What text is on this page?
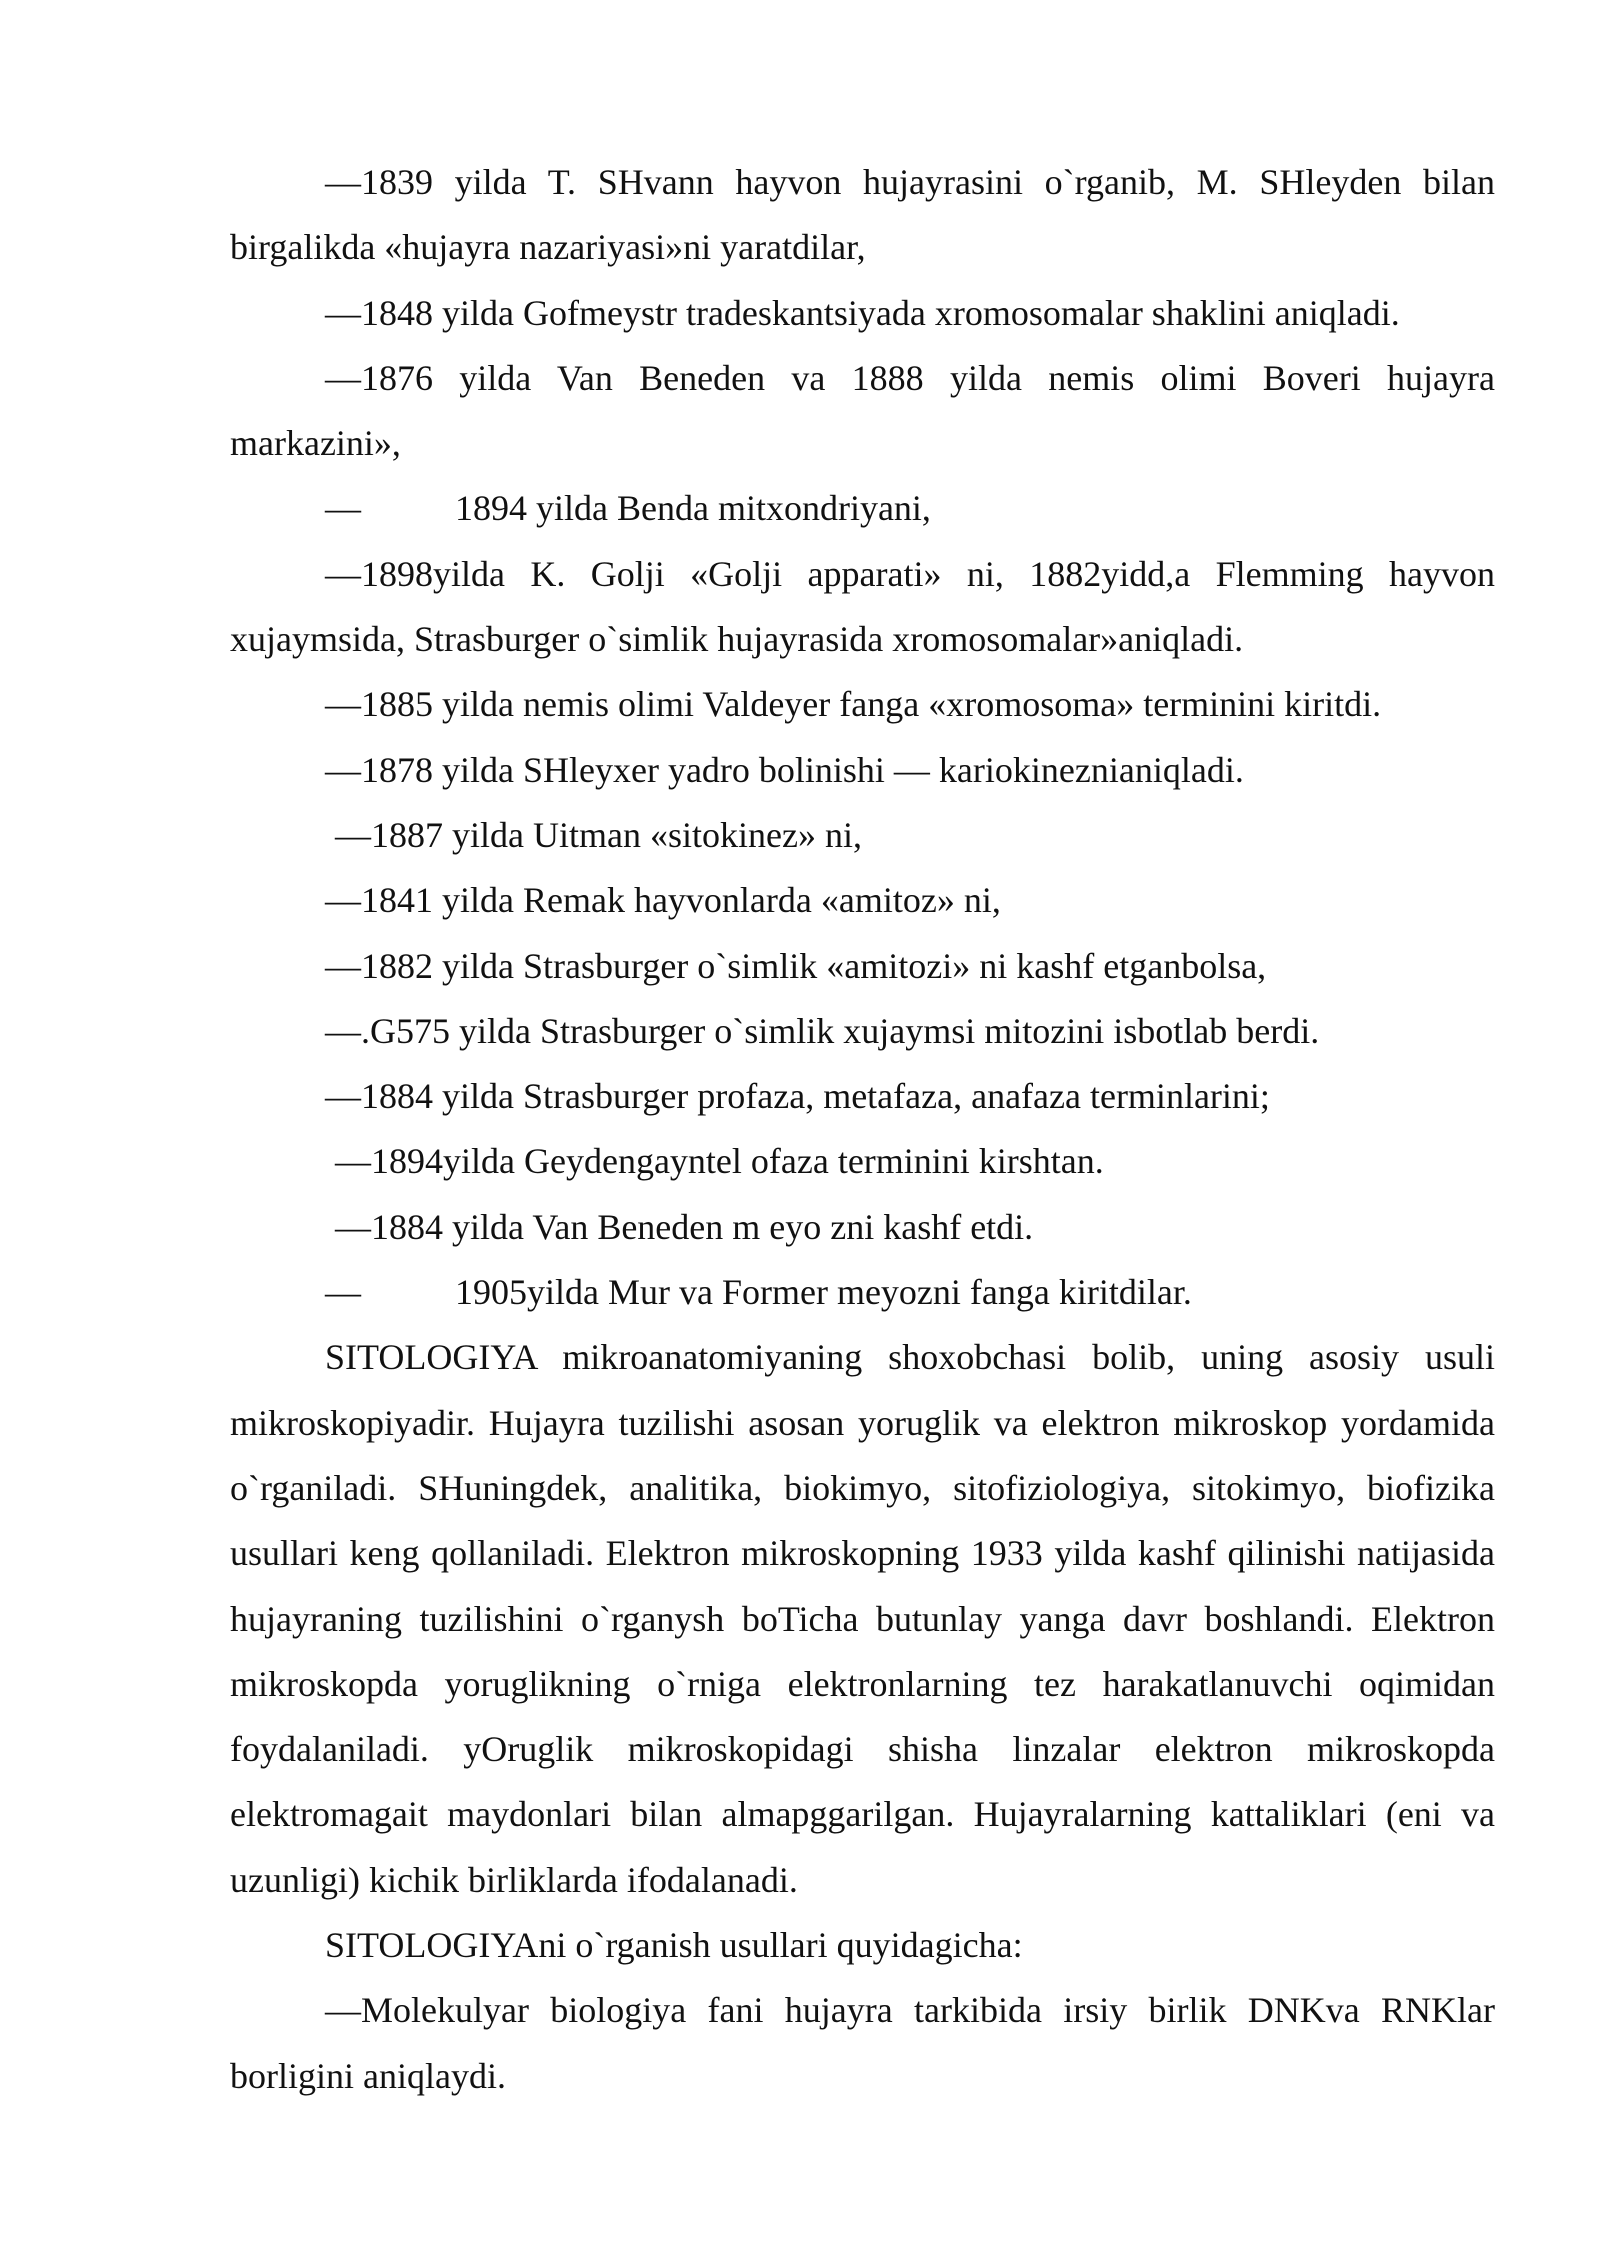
—1839 yilda T. SHvann hayvon hujayrasini o`rganib, M. SHleyden bilan birgalikda «hujayra nazariyasi»ni yaratdilar,

—1848 yilda Gofmeystr tradeskantsiyada xromosomalar shaklini aniqladi.

—1876 yilda Van Beneden va 1888 yilda nemis olimi Boveri hujayra markazini»,

—	1894 yilda Benda mitxondriyani,

—1898yilda K. Golji «Golji apparati» ni, 1882yidd,a Flemming hayvon xujaymsida, Strasburger o`simlik hujayrasida xromosomalar»aniqladi.

—1885 yilda nemis olimi Valdeyer fanga «xromosoma» terminini kiritdi.

—1878 yilda SHleyxer yadro bolinishi — kariokineznianiqladi.

—1887 yilda Uitman «sitokinez» ni,

—1841 yilda Remak hayvonlarda «amitoz» ni,

—1882 yilda Strasburger o`simlik «amitozi» ni kashf etganbolsa,

—.G575 yilda Strasburger o`simlik xujaymsi mitozini isbotlab berdi.

—1884 yilda Strasburger profaza, metafaza, anafaza terminlarini;

—1894yilda Geydengayntel ofaza terminini kirshtan.

—1884 yilda Van Beneden m eyo zni kashf etdi.

—	1905yilda Mur va Former meyozni fanga kiritdilar.

SITOLOGIYA mikroanatomiyaning shoxobchasi bolib, uning asosiy usuli mikroskopiyadir. Hujayra tuzilishi asosan yoruglik va elektron mikroskop yordamida o`rganiladi. SHuningdek, analitika, biokimyo, sitofiziologiya, sitokimyo, biofizika usullari keng qollaniladi. Elektron mikroskopning 1933 yilda kashf qilinishi natijasida hujayraning tuzilishini o`rganysh boTicha butunlay yanga davr boshlandi. Elektron mikroskopda yoruglikning o`rniga elektronlarning tez harakatlanuvchi oqimidan foydalaniladi. yOruglik mikroskopidagi shisha linzalar elektron mikroskopda elektromagait maydonlari bilan almapggarilgan. Hujayralarning kattaliklari (eni va uzunligi) kichik birliklarda ifodalanadi.

SITOLOGIYAni o`rganish usullari quyidagicha:

—Molekulyar biologiya fani hujayra tarkibida irsiy birlik DNKva RNKlar borligini aniqlaydi.
